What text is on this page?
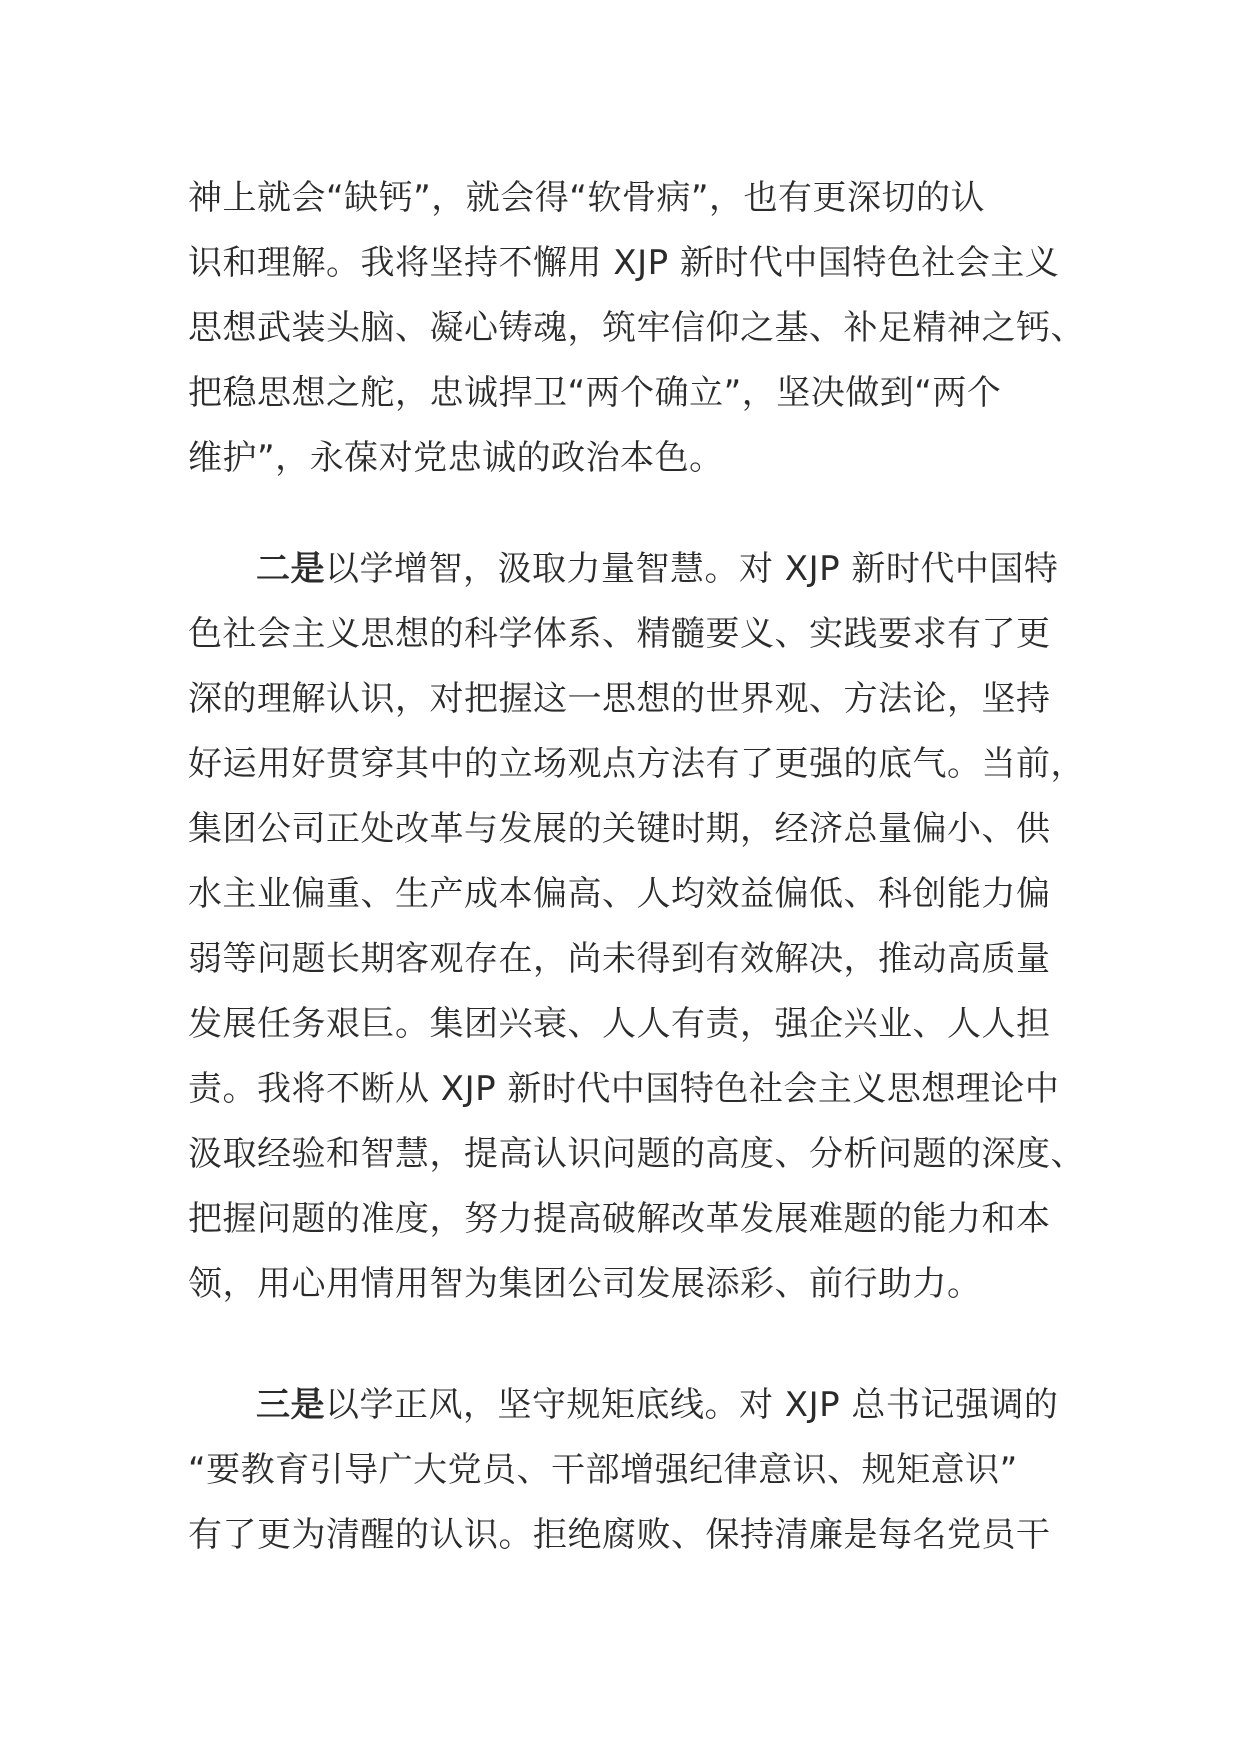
神上就会“缺钙”，就会得“软骨病”，也有更深切的认
识和理解。我将坚持不懈用 XJP 新时代中国特色社会主义
思想武装头脑、凝心铸魂，筑牢信仰之基、补足精神之钙、
把稳思想之舵，忠诚捍卫“两个确立”，坚决做到“两个
维护”，永葆对党忠诚的政治本色。
二是以学增智，汲取力量智慧。对 XJP 新时代中国特
色社会主义思想的科学体系、精髓要义、实践要求有了更
深的理解认识，对把握这一思想的世界观、方法论，坚持
好运用好贯穿其中的立场观点方法有了更强的底气。当前，
集团公司正处改革与发展的关键时期，经济总量偏小、供
水主业偏重、生产成本偏高、人均效益偏低、科创能力偏
弱等问题长期客观存在，尚未得到有效解决，推动高质量
发展任务艰巨。集团兴衰、人人有责，强企兴业、人人担
责。我将不断从 XJP 新时代中国特色社会主义思想理论中
汲取经验和智慧，提高认识问题的高度、分析问题的深度、
把握问题的准度，努力提高破解改革发展难题的能力和本
领，用心用情用智为集团公司发展添彩、前行助力。
三是以学正风，坚守规矩底线。对 XJP 总书记强调的
“要教育引导广大党员、干部增强纪律意识、规矩意识”
有了更为清醒的认识。拒绝腐败、保持清廉是每名党员干
